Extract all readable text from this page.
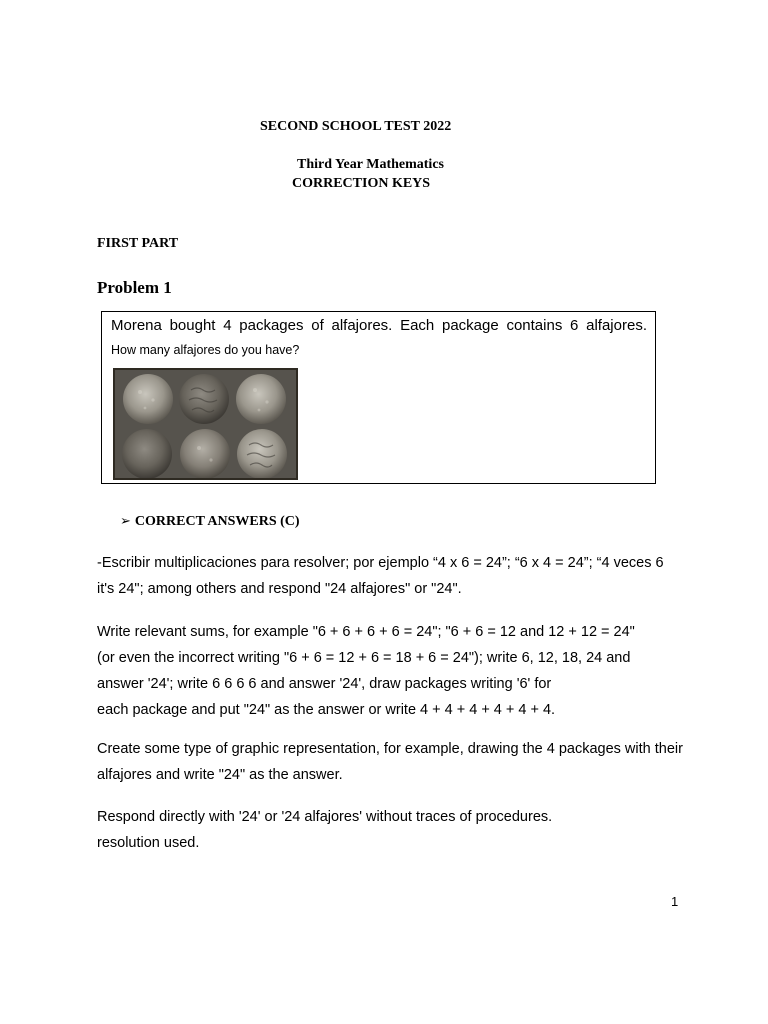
SECOND SCHOOL TEST 2022
Third Year Mathematics
CORRECTION KEYS
FIRST PART
Problem 1
Morena bought 4 packages of alfajores. Each package contains 6 alfajores.
How many alfajores do you have?
➢ CORRECT ANSWERS (C)
-Escribir multiplicaciones para resolver; por ejemplo “4 x 6 = 24”; “6 x 4 = 24”; “4 veces 6
it's 24"; among others and respond "24 alfajores" or "24".
Write relevant sums, for example "6 + 6 + 6 + 6 = 24"; "6 + 6 = 12 and 12 + 12 = 24"
(or even the incorrect writing "6 + 6 = 12 + 6 = 18 + 6 = 24"); write 6, 12, 18, 24 and
answer '24'; write 6 6 6 6 and answer '24', draw packages writing '6' for
each package and put "24" as the answer or write 4 + 4 + 4 + 4 + 4 + 4.
Create some type of graphic representation, for example, drawing the 4 packages with their
alfajores and write "24" as the answer.
Respond directly with '24' or '24 alfajores' without traces of procedures.
resolution used.
1
